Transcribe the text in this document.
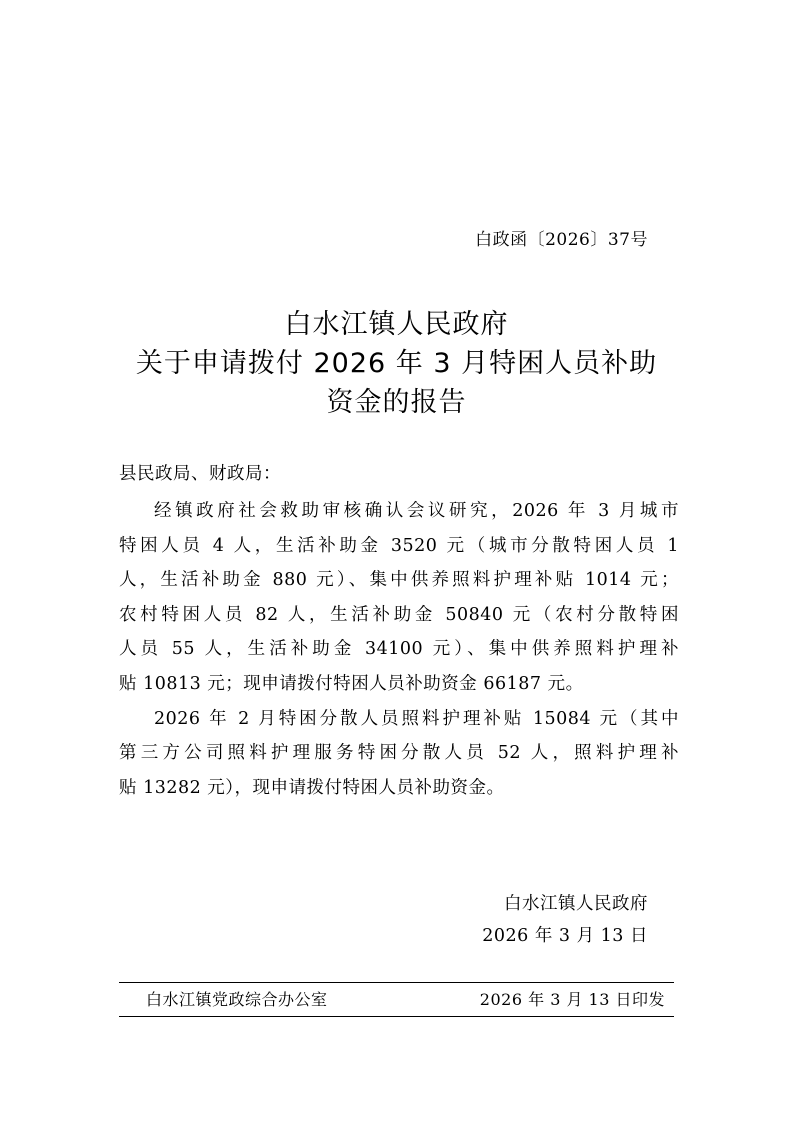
白政函〔2026〕37号
白水江镇人民政府
关于申请拨付 2026 年 3 月特困人员补助
资金的报告
县民政局、财政局：
经镇政府社会救助审核确认会议研究，2026 年 3 月城市
特困人员 4 人，生活补助金 3520 元（城市分散特困人员 1
人，生活补助金 880 元）、集中供养照料护理补贴 1014 元；
农村特困人员 82 人，生活补助金 50840 元（农村分散特困
人员 55 人，生活补助金 34100 元）、集中供养照料护理补
贴 10813 元；现申请拨付特困人员补助资金 66187 元。
2026 年 2 月特困分散人员照料护理补贴 15084 元（其中
第三方公司照料护理服务特困分散人员 52 人，照料护理补
贴 13282 元），现申请拨付特困人员补助资金。
白水江镇人民政府
2026 年 3 月 13 日
白水江镇党政综合办公室	2026 年 3 月 13 日印发
